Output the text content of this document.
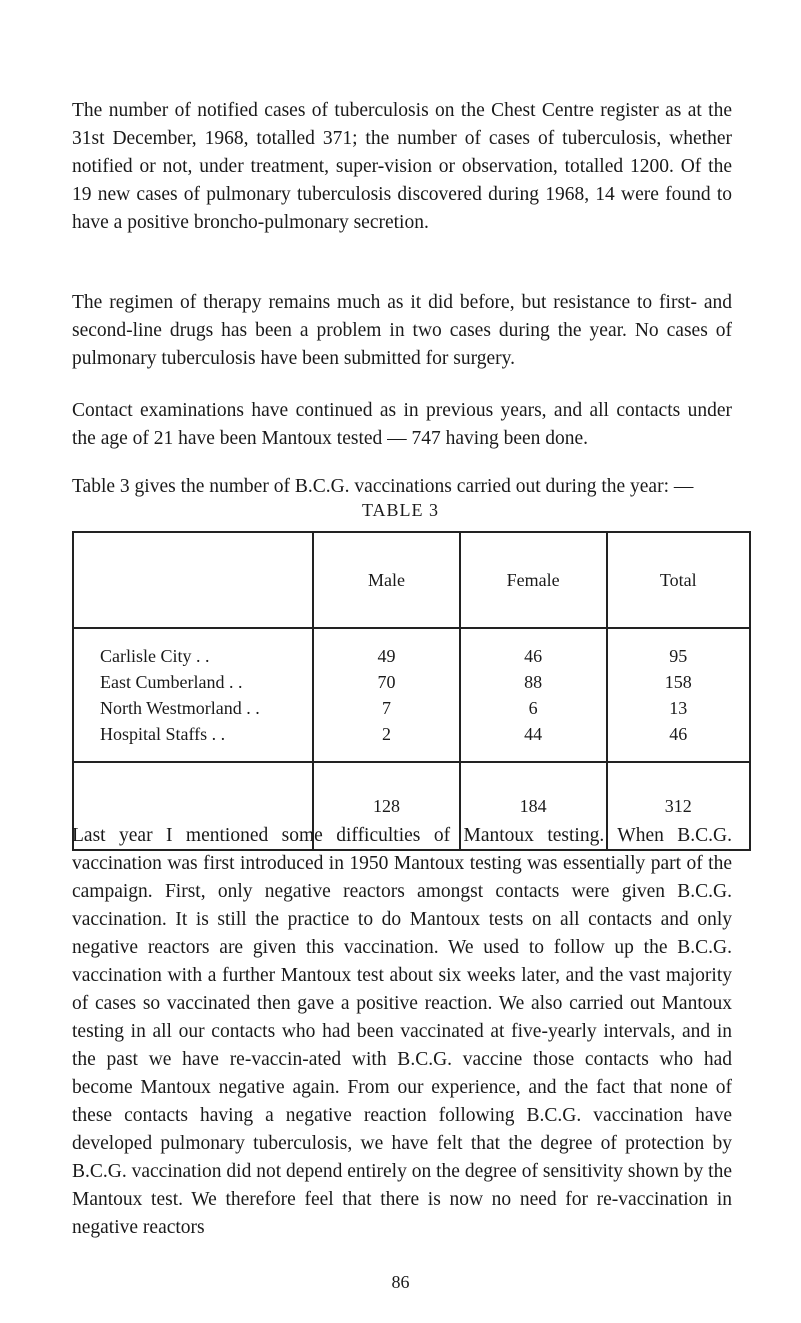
The number of notified cases of tuberculosis on the Chest Centre register as at the 31st December, 1968, totalled 371; the number of cases of tuberculosis, whether notified or not, under treatment, super-vision or observation, totalled 1200. Of the 19 new cases of pulmonary tuberculosis discovered during 1968, 14 were found to have a positive broncho-pulmonary secretion.

The regimen of therapy remains much as it did before, but resistance to first- and second-line drugs has been a problem in two cases during the year. No cases of pulmonary tuberculosis have been submitted for surgery.

Contact examinations have continued as in previous years, and all contacts under the age of 21 have been Mantoux tested — 747 having been done.

Table 3 gives the number of B.C.G. vaccinations carried out during the year: —

TABLE 3
	Male	Female	Total
Carlisle City . .	49	46	95
East Cumberland . .	70	88	158
North Westmorland . .	7	6	13
Hospital Staffs . .	2	44	46
	128	184	312

Last year I mentioned some difficulties of Mantoux testing. When B.C.G. vaccination was first introduced in 1950 Mantoux testing was essentially part of the campaign. First, only negative reactors amongst contacts were given B.C.G. vaccination. It is still the practice to do Mantoux tests on all contacts and only negative reactors are given this vaccination. We used to follow up the B.C.G. vaccination with a further Mantoux test about six weeks later, and the vast majority of cases so vaccinated then gave a positive reaction. We also carried out Mantoux testing in all our contacts who had been vaccinated at five-yearly intervals, and in the past we have re-vaccin-ated with B.C.G. vaccine those contacts who had become Mantoux negative again. From our experience, and the fact that none of these contacts having a negative reaction following B.C.G. vaccination have developed pulmonary tuberculosis, we have felt that the degree of protection by B.C.G. vaccination did not depend entirely on the degree of sensitivity shown by the Mantoux test. We therefore feel that there is now no need for re-vaccination in negative reactors

86
